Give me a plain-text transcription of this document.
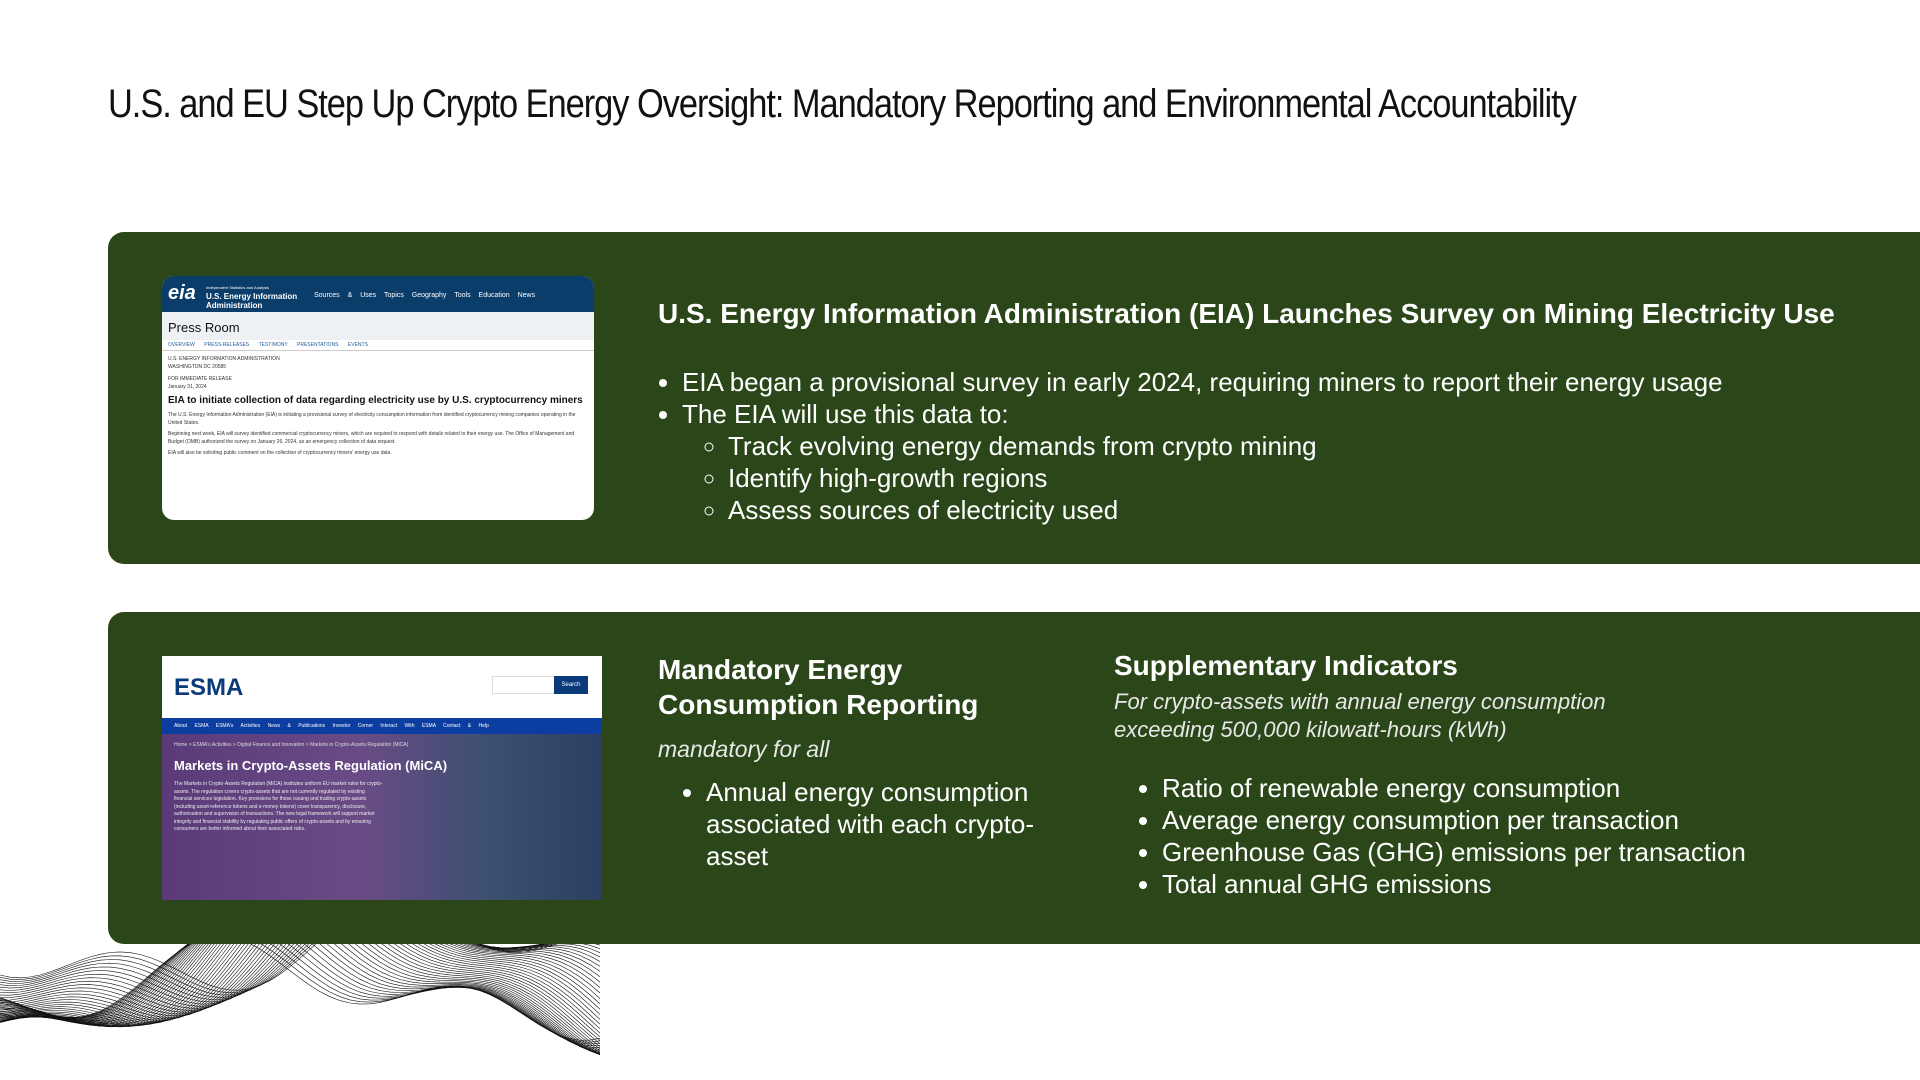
U.S. and EU Step Up Crypto Energy Oversight: Mandatory Reporting and Environmental Accountability
eia	Independent Statistics and Analysis
U.S. Energy Information Administration
Sources & Uses Topics Geography Tools Education News
Press Room
OVERVIEW PRESS-RELEASES TESTIMONY PRESENTATIONS EVENTS
U.S. ENERGY INFORMATION ADMINISTRATION
WASHINGTON DC 20585
FOR IMMEDIATE RELEASE
January 31, 2024
EIA to initiate collection of data regarding electricity use by U.S. cryptocurrency miners
The U.S. Energy Information Administration (EIA) is initiating a provisional survey of electricity consumption information from identified cryptocurrency mining companies operating in the United States.
Beginning next week, EIA will survey identified commercial cryptocurrency miners, which are required to respond with details related to their energy use. The Office of Management and Budget (OMB) authorized the survey on January 26, 2024, as an emergency collection of data request.
EIA will also be soliciting public comment on the collection of cryptocurrency miners' energy use data.
U.S. Energy Information Administration (EIA) Launches Survey on Mining Electricity Use
• EIA began a provisional survey in early 2024, requiring miners to report their energy usage
• The EIA will use this data to:
◦ Track evolving energy demands from crypto mining
◦ Identify high-growth regions
◦ Assess sources of electricity used
ESMA	Search
About ESMA ESMA's Activities News & Publications Investor Corner Interact With ESMA Contact & Help
Home > ESMA's Activities > Digital Finance and Innovation > Markets in Crypto-Assets Regulation (MiCA)
Markets in Crypto-Assets Regulation (MiCA)
The Markets in Crypto-Assets Regulation (MiCA) institutes uniform EU market rules for crypto-assets. The regulation covers crypto-assets that are not currently regulated by existing financial services legislation. Key provisions for those issuing and trading crypto-assets (including asset-reference tokens and e-money tokens) cover transparency, disclosure, authorisation and supervision of transactions. The new legal framework will support market integrity and financial stability by regulating public offers of crypto-assets and by ensuring consumers are better informed about their associated risks.
Mandatory Energy Consumption Reporting
mandatory for all
• Annual energy consumption associated with each crypto-asset
Supplementary Indicators
For crypto-assets with annual energy consumption exceeding 500,000 kilowatt-hours (kWh)
• Ratio of renewable energy consumption
• Average energy consumption per transaction
• Greenhouse Gas (GHG) emissions per transaction
• Total annual GHG emissions
